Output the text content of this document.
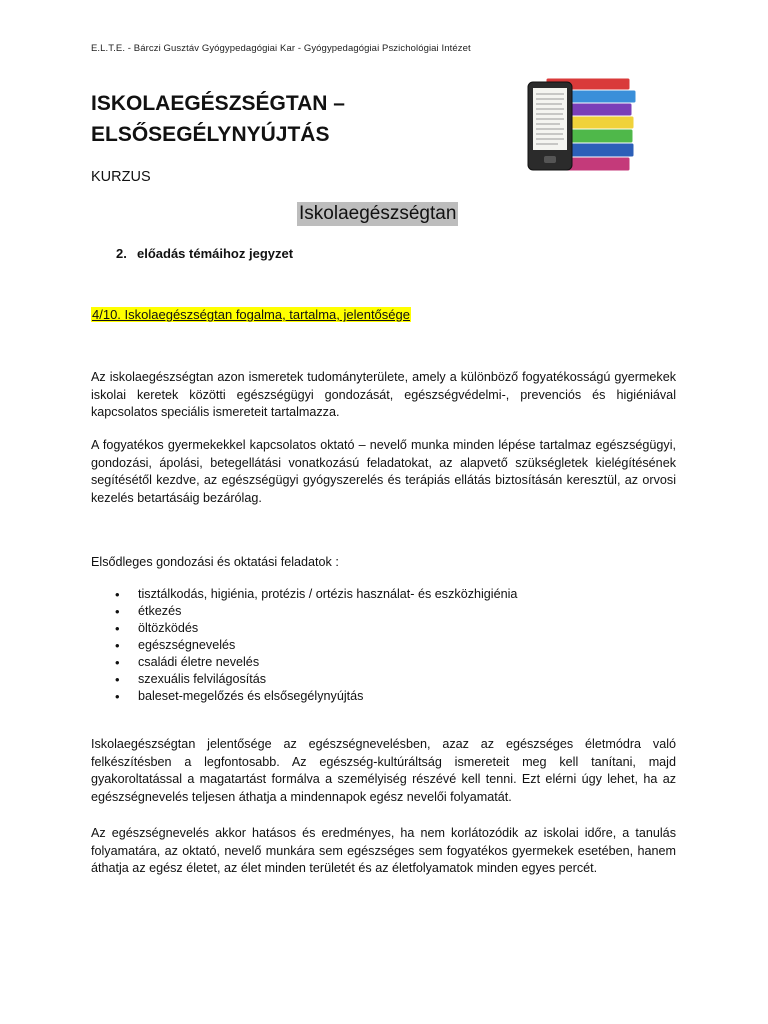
E.L.T.E. - Bárczi Gusztáv Gyógypedagógiai Kar - Gyógypedagógiai Pszichológiai Intézet
ISKOLAEGÉSZSÉGTAN –
ELSŐSEGÉLYNYÚJTÁS
KURZUS
Iskolaegészségtan
2. előadás témáihoz jegyzet
4/10. Iskolaegészségtan fogalma, tartalma, jelentősége
Az iskolaegészségtan azon ismeretek tudományterülete, amely a különböző fogyatékosságú gyermekek iskolai keretek közötti egészségügyi gondozását, egészségvédelmi-, prevenciós és higiéniával kapcsolatos speciális ismereteit tartalmazza.
A fogyatékos gyermekekkel kapcsolatos oktató – nevelő munka minden lépése tartalmaz egészségügyi, gondozási, ápolási, betegellátási vonatkozású feladatokat, az alapvető szükségletek kielégítésének segítésétől kezdve, az egészségügyi gyógyszerelés és terápiás ellátás biztosításán keresztül, az orvosi kezelés betartásáig bezárólag.
Elsődleges gondozási és oktatási feladatok :
• tisztálkodás, higiénia, protézis / ortézis használat- és eszközhigiénia
• étkezés
• öltözködés
• egészségnevelés
• családi életre nevelés
• szexuális felvilágosítás
• baleset-megelőzés és elsősegélynyújtás
Iskolaegészségtan jelentősége az egészségnevelésben, azaz az egészséges életmódra való felkészítésben a legfontosabb. Az egészség-kultúráltság ismereteit meg kell tanítani, majd gyakoroltatással a magatartást formálva a személyiség részévé kell tenni. Ezt elérni úgy lehet, ha az egészségnevelés teljesen áthatja a mindennapok egész nevelői folyamatát.
Az egészségnevelés akkor hatásos és eredményes, ha nem korlátozódik az iskolai időre, a tanulás folyamatára, az oktató, nevelő munkára sem egészséges sem fogyatékos gyermekek esetében, hanem áthatja az egész életet, az élet minden területét és az életfolyamatok minden egyes percét.
